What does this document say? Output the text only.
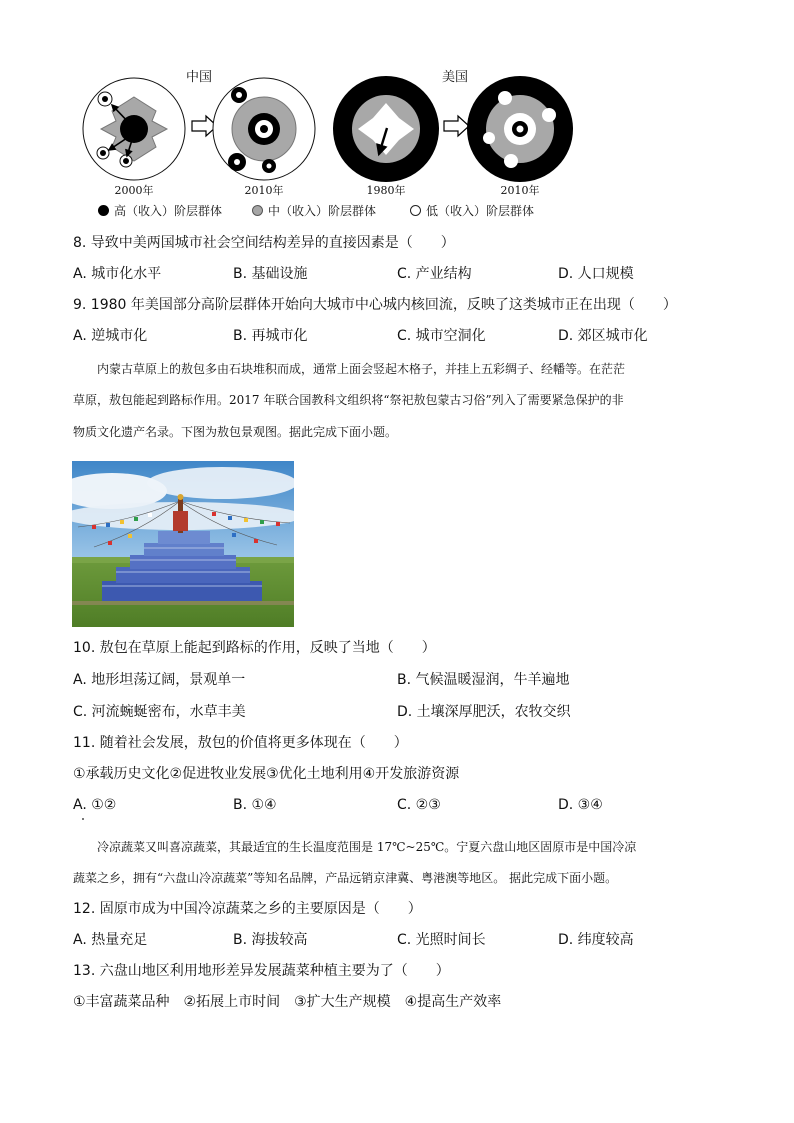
中国	美国
2000年	2010年	1980年	2010年
高（收入）阶层群体	中（收入）阶层群体	低（收入）阶层群体
8. 导致中美两国城市社会空间结构差异的直接因素是（　　）
A. 城市化水平	B. 基础设施	C. 产业结构	D. 人口规模
9. 1980 年美国部分高阶层群体开始向大城市中心城内核回流，反映了这类城市正在出现（　　）
A. 逆城市化	B. 再城市化	C. 城市空洞化	D. 郊区城市化
内蒙古草原上的敖包多由石块堆积而成，通常上面会竖起木格子，并挂上五彩绸子、经幡等。在茫茫
草原，敖包能起到路标作用。2017 年联合国教科文组织将“祭祀敖包蒙古习俗”列入了需要紧急保护的非
物质文化遗产名录。下图为敖包景观图。据此完成下面小题。
10. 敖包在草原上能起到路标的作用，反映了当地（　　）
A. 地形坦荡辽阔，景观单一	B. 气候温暖湿润，牛羊遍地
C. 河流蜿蜒密布，水草丰美	D. 土壤深厚肥沃，农牧交织
11. 随着社会发展，敖包的价值将更多体现在（　　）
①承载历史文化②促进牧业发展③优化土地利用④开发旅游资源
A. ①②	B. ①④	C. ②③	D. ③④
冷凉蔬菜又叫喜凉蔬菜，其最适宜的生长温度范围是 17℃~25℃。宁夏六盘山地区固原市是中国冷凉
蔬菜之乡，拥有“六盘山冷凉蔬菜”等知名品牌，产品远销京津冀、粤港澳等地区。 据此完成下面小题。
12. 固原市成为中国冷凉蔬菜之乡的主要原因是（　　）
A. 热量充足	B. 海拔较高	C. 光照时间长	D. 纬度较高
13. 六盘山地区利用地形差异发展蔬菜种植主要为了（　　）
①丰富蔬菜品种　②拓展上市时间　③扩大生产规模　④提高生产效率
